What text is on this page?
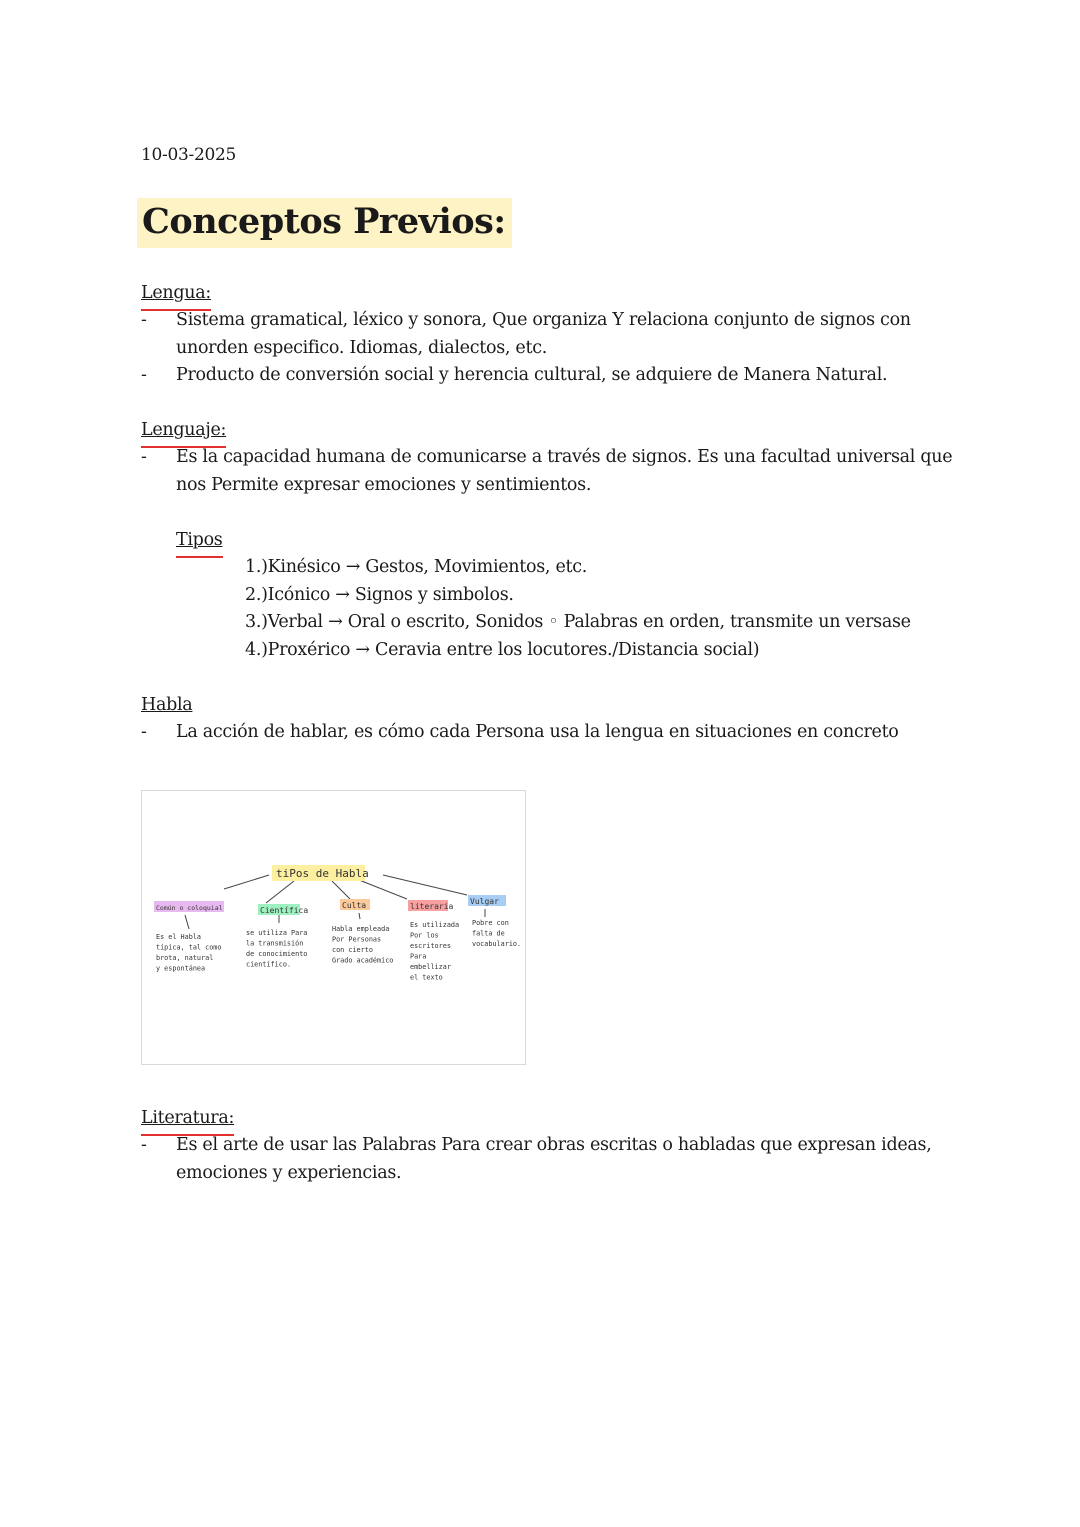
10-03-2025
Conceptos Previos:
Lengua:
- Sistema gramatical, léxico y sonora, Que organiza Y relaciona conjunto de signos con
unorden especifico. Idiomas, dialectos, etc.
- Producto de conversión social y herencia cultural, se adquiere de Manera Natural.
Lenguaje:
- Es la capacidad humana de comunicarse a través de signos. Es una facultad universal que
nos Permite expresar emociones y sentimientos.
Tipos
1.)Kinésico → Gestos, Movimientos, etc.
2.)Icónico → Signos y simbolos.
3.)Verbal → Oral o escrito, Sonidos ◦ Palabras en orden, transmite un versase
4.)Proxérico → Ceravia entre los locutores./Distancia social)
Habla
- La acción de hablar, es cómo cada Persona usa la lengua en situaciones en concreto
tiPos de Habla
Común o coloquial
Es el Habla
típica, tal como
brota, natural
y espontánea
Científica
se utiliza Para
la transmisión
de conocimiento
científico.
Culta
Habla empleada
Por Personas
con cierto
Grado académico
literaria
Es utilizada
Por los
escritores
Para
embellizar
el texto
Vulgar
Pobre con
falta de
vocabulario.
Literatura:
- Es el arte de usar las Palabras Para crear obras escritas o habladas que expresan ideas,
emociones y experiencias.
